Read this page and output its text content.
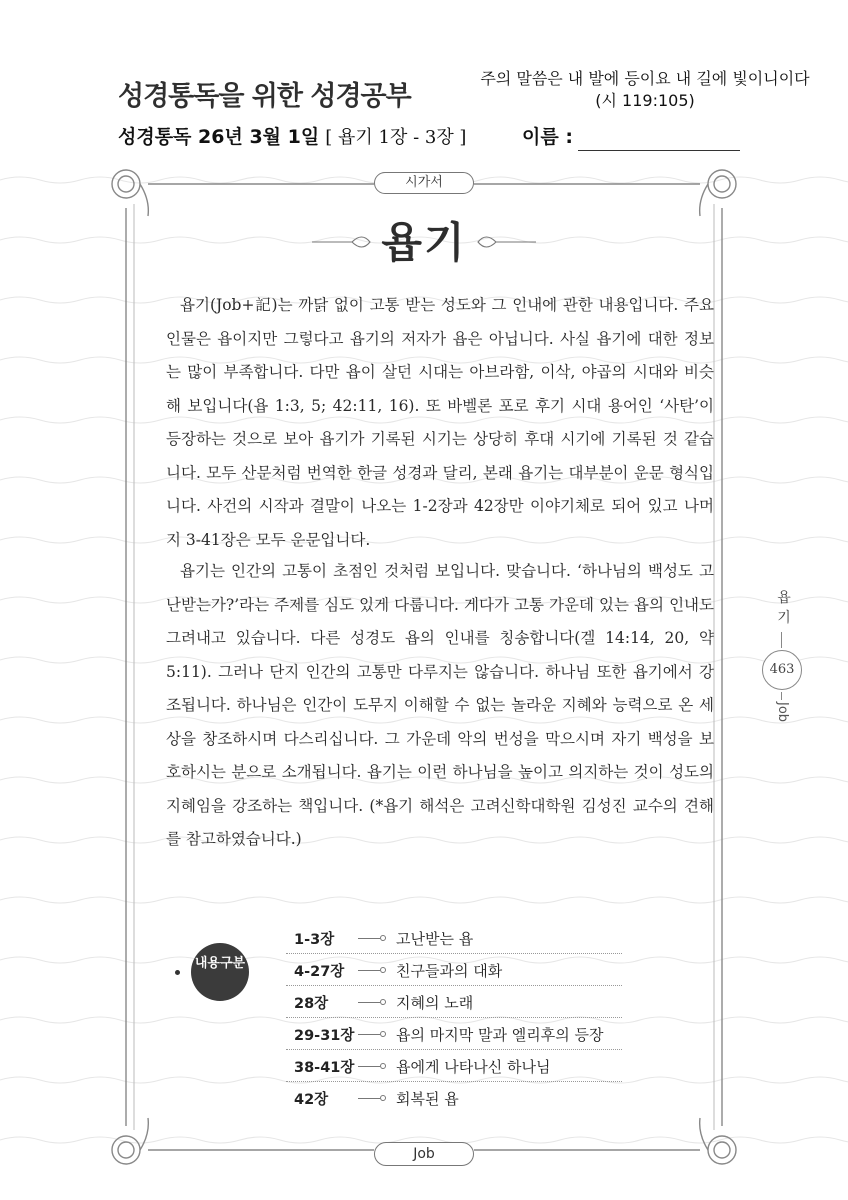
성경통독을 위한 성경공부
주의 말씀은 내 발에 등이요 내 길에 빛이니이다
(시 119:105)
성경통독 26년 3월 1일 [ 욥기 1장 - 3장 ]	이름 :
시가서
욥기

욥기(Job+記)는 까닭 없이 고통 받는 성도와 그 인내에 관한 내용입니다. 주요 인물은 욥이지만 그렇다고 욥기의 저자가 욥은 아닙니다. 사실 욥기에 대한 정보는 많이 부족합니다. 다만 욥이 살던 시대는 아브라함, 이삭, 야곱의 시대와 비슷해 보입니다(욥 1:3, 5; 42:11, 16). 또 바벨론 포로 후기 시대 용어인 ‘사탄’이 등장하는 것으로 보아 욥기가 기록된 시기는 상당히 후대 시기에 기록된 것 같습니다. 모두 산문처럼 번역한 한글 성경과 달리, 본래 욥기는 대부분이 운문 형식입니다. 사건의 시작과 결말이 나오는 1-2장과 42장만 이야기체로 되어 있고 나머지 3-41장은 모두 운문입니다.

욥기는 인간의 고통이 초점인 것처럼 보입니다. 맞습니다. ‘하나님의 백성도 고난받는가?’라는 주제를 심도 있게 다룹니다. 게다가 고통 가운데 있는 욥의 인내도 그려내고 있습니다. 다른 성경도 욥의 인내를 칭송합니다(겔 14:14, 20, 약 5:11). 그러나 단지 인간의 고통만 다루지는 않습니다. 하나님 또한 욥기에서 강조됩니다. 하나님은 인간이 도무지 이해할 수 없는 놀라운 지혜와 능력으로 온 세상을 창조하시며 다스리십니다. 그 가운데 악의 번성을 막으시며 자기 백성을 보호하시는 분으로 소개됩니다. 욥기는 이런 하나님을 높이고 의지하는 것이 성도의 지혜임을 강조하는 책입니다. (*욥기 해석은 고려신학대학원 김성진 교수의 견해를 참고하였습니다.)

욥기
463
Job
내용구분
1-3장	고난받는 욥
4-27장	친구들과의 대화
28장	지혜의 노래
29-31장	욥의 마지막 말과 엘리후의 등장
38-41장	욥에게 나타나신 하나님
42장	회복된 욥
Job
